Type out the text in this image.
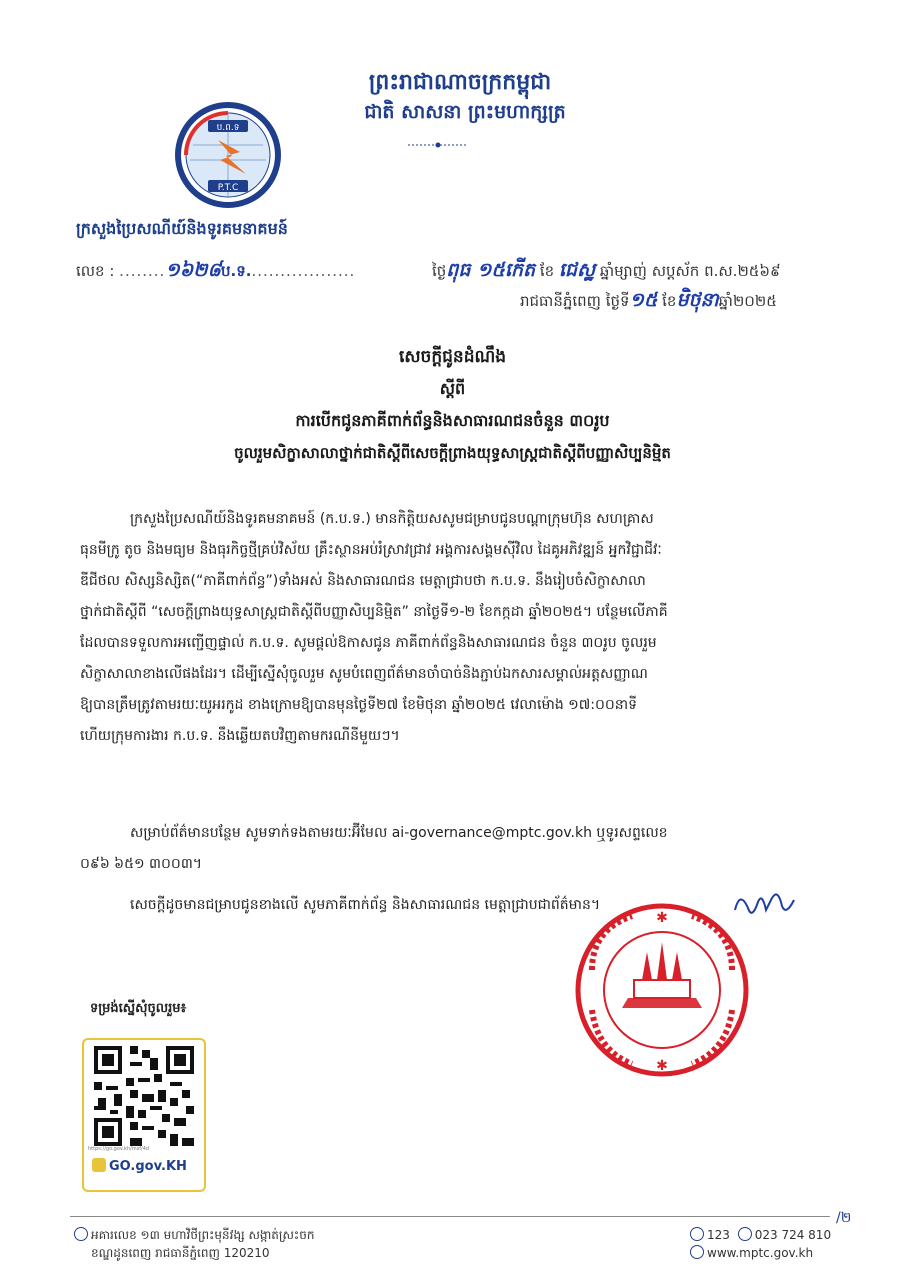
ព្រះរាជាណាចក្រកម្ពុជា
ជាតិ សាសនា ព្រះមហាក្សត្រ
ប.ព.ទ
P.T.C
ក្រសួងប្រៃសណីយ៍និងទូរគមនាគមន៍
លេខ : ........១៦២៨ប.ទ...................	ថ្ងៃពុធ ១៥កើត ខែ ជេស្ឋ ឆ្នាំម្សាញ់ សប្តស័ក ព.ស.២៥៦៩
រាជធានីភ្នំពេញ ថ្ងៃទី១៥ ខែមិថុនាឆ្នាំ២០២៥
សេចក្តីជូនដំណឹង
ស្តីពី
ការបើកជូនភាគីពាក់ព័ន្ធនិងសាធារណជនចំនួន ៣០រូប
ចូលរួមសិក្ខាសាលាថ្នាក់ជាតិស្តីពីសេចក្តីព្រាងយុទ្ធសាស្ត្រជាតិស្តីពីបញ្ញាសិប្បនិម្មិត

ក្រសួងប្រៃសណីយ៍និងទូរគមនាគមន៍ (ក.ប.ទ.) មានកិត្តិយសសូមជម្រាបជូនបណ្តាក្រុមហ៊ុន សហគ្រាស

ធុនមីក្រូ តូច និងមធ្យម និងធុរកិច្ចថ្មីគ្រប់វិស័យ គ្រឹះស្ថានអប់រំស្រាវជ្រាវ អង្គការសង្គមស៊ីវិល ដៃគូអភិវឌ្ឍន៍ អ្នកវិជ្ជាជីវៈ

ឌីជីថល សិស្សនិស្សិត(“ភាគីពាក់ព័ន្ធ”)ទាំងអស់ និងសាធារណជន មេត្តាជ្រាបថា ក.ប.ទ. នឹងរៀបចំសិក្ខាសាលា

ថ្នាក់ជាតិស្តីពី “សេចក្តីព្រាងយុទ្ធសាស្ត្រជាតិស្តីពីបញ្ញាសិប្បនិម្មិត” នាថ្ងៃទី១-២ ខែកក្កដា ឆ្នាំ២០២៥។ បន្ថែមលើភាគី

ដែលបានទទួលការអញ្ជើញផ្ទាល់ ក.ប.ទ. សូមផ្តល់ឱកាសជូន ភាគីពាក់ព័ន្ធនិងសាធារណជន ចំនួន ៣០រូប ចូលរួម

សិក្ខាសាលាខាងលើផងដែរ។ ដើម្បីស្នើសុំចូលរួម សូមបំពេញព័ត៌មានចាំបាច់និងភ្ជាប់ឯកសារសម្គាល់អត្តសញ្ញាណ

ឱ្យបានត្រឹមត្រូវតាមរយៈយូអរកូដ ខាងក្រោមឱ្យបានមុនថ្ងៃទី២៧ ខែមិថុនា ឆ្នាំ២០២៥ វេលាម៉ោង ១៧:០០នាទី

ហើយក្រុមការងារ ក.ប.ទ. នឹងឆ្លើយតបវិញតាមករណីនីមួយៗ។

សម្រាប់ព័ត៌មានបន្ថែម សូមទាក់ទងតាមរយៈអ៊ីមែល ai-governance@mptc.gov.kh ឬទូរសព្ទលេខ

០៩៦ ៦៥១ ៣០០៣។

សេចក្តីដូចមានជម្រាបជូនខាងលើ សូមភាគីពាក់ព័ន្ធ និងសាធារណជន មេត្តាជ្រាបជាព័ត៌មាន។

✱
✱
ទម្រង់ស្នើសុំចូលរួម៖
https://go.gov.kh/msf/4d
GO.gov.KH
/២
អគារលេខ ១៣ មហាវិថីព្រះមុនីវង្ស សង្កាត់ស្រះចក
ខណ្ឌដូនពេញ រាជធានីភ្នំពេញ 120210
123 023 724 810
www.mptc.gov.kh
